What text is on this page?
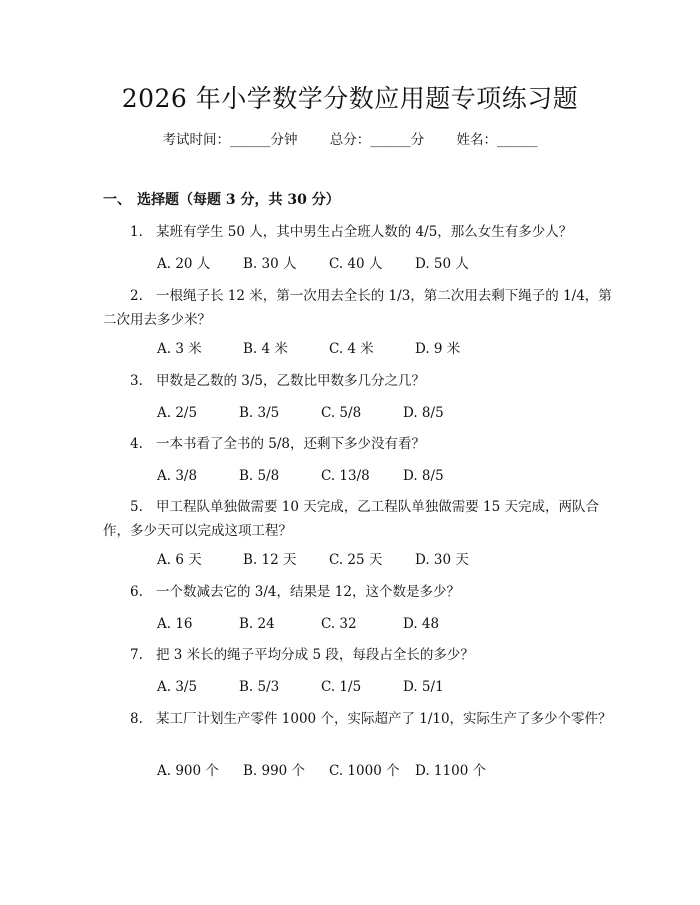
2026 年小学数学分数应用题专项练习题
考试时间：______分钟 总分：______分 姓名：______
一、 选择题（每题 3 分，共 30 分）
1. 某班有学生 50 人，其中男生占全班人数的 4/5，那么女生有多少人？
A. 20 人 B. 30 人 C. 40 人 D. 50 人
2. 一根绳子长 12 米，第一次用去全长的 1/3，第二次用去剩下绳子的 1/4，第二次用去多少米？
A. 3 米	B. 4 米	C. 4 米	D. 9 米
3. 甲数是乙数的 3/5，乙数比甲数多几分之几？
A. 2/5	B. 3/5	C. 5/8	D. 8/5
4. 一本书看了全书的 5/8，还剩下多少没有看？
A. 3/8	B. 5/8	C. 13/8 D. 8/5
5. 甲工程队单独做需要 10 天完成，乙工程队单独做需要 15 天完成，两队合作，多少天可以完成这项工程？
A. 6 天	B. 12 天 C. 25 天 D. 30 天
6. 一个数减去它的 3/4，结果是 12，这个数是多少？
A. 16	B. 24	C. 32	D. 48
7. 把 3 米长的绳子平均分成 5 段，每段占全长的多少？
A. 3/5	B. 5/3	C. 1/5	D. 5/1
8. 某工厂计划生产零件 1000 个，实际超产了 1/10，实际生产了多少个零件？
A. 900 个 B. 990 个 C. 1000 个 D. 1100 个
